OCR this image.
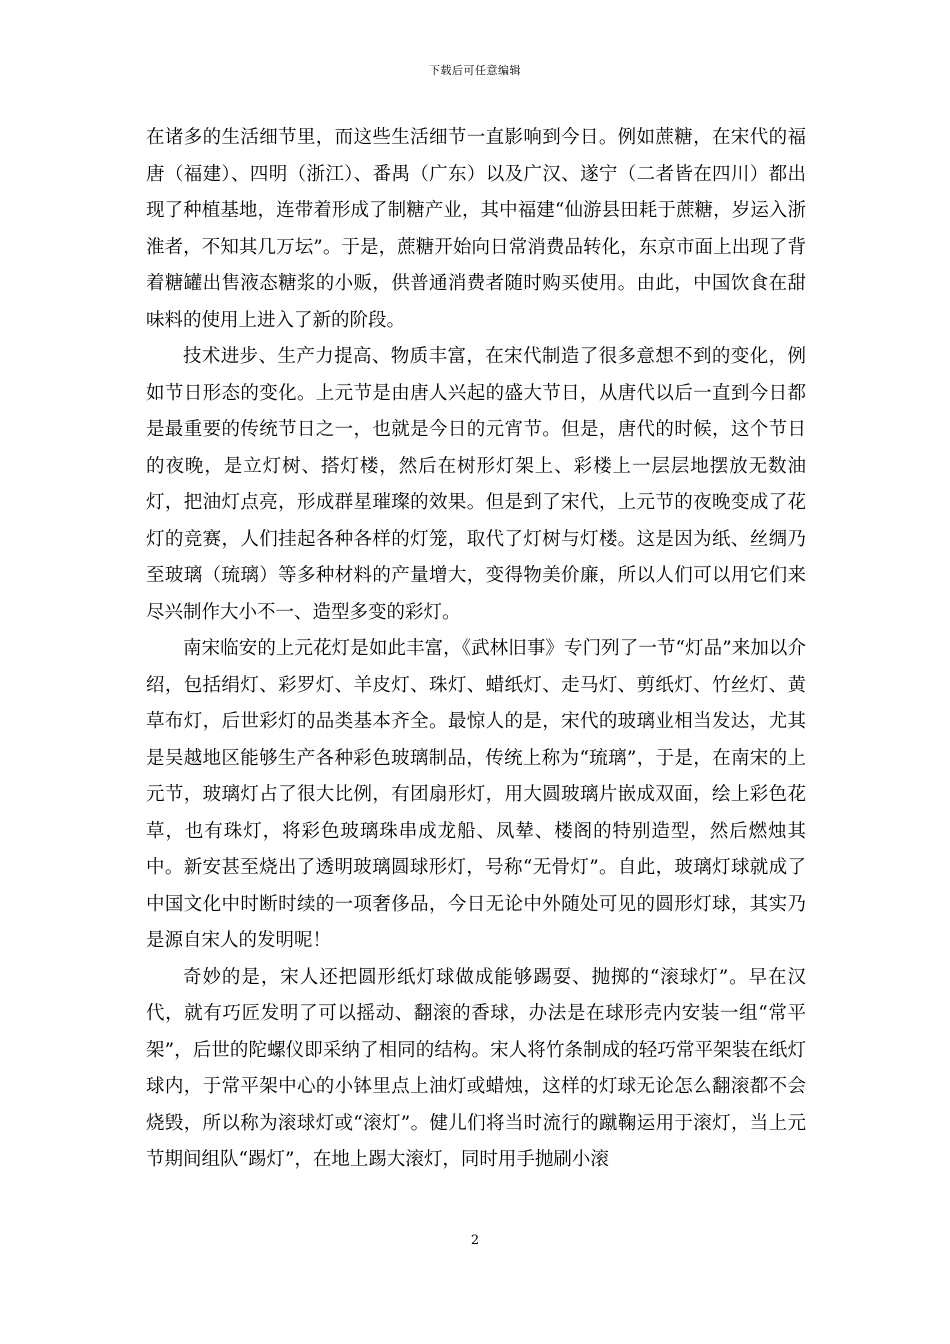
下载后可任意编辑

在诸多的生活细节里，而这些生活细节一直影响到今日。例如蔗糖，在宋代的福唐（福建）、四明（浙江）、番禺（广东）以及广汉、遂宁（二者皆在四川）都出现了种植基地，连带着形成了制糖产业，其中福建“仙游县田耗于蔗糖，岁运入浙淮者，不知其几万坛”。于是，蔗糖开始向日常消费品转化，东京市面上出现了背着糖罐出售液态糖浆的小贩，供普通消费者随时购买使用。由此，中国饮食在甜味料的使用上进入了新的阶段。

技术进步、生产力提高、物质丰富，在宋代制造了很多意想不到的变化，例如节日形态的变化。上元节是由唐人兴起的盛大节日，从唐代以后一直到今日都是最重要的传统节日之一，也就是今日的元宵节。但是，唐代的时候，这个节日的夜晚，是立灯树、搭灯楼，然后在树形灯架上、彩楼上一层层地摆放无数油灯，把油灯点亮，形成群星璀璨的效果。但是到了宋代，上元节的夜晚变成了花灯的竞赛，人们挂起各种各样的灯笼，取代了灯树与灯楼。这是因为纸、丝绸乃至玻璃（琉璃）等多种材料的产量增大，变得物美价廉，所以人们可以用它们来尽兴制作大小不一、造型多变的彩灯。

南宋临安的上元花灯是如此丰富，《武林旧事》专门列了一节“灯品”来加以介绍，包括绢灯、彩罗灯、羊皮灯、珠灯、蜡纸灯、走马灯、剪纸灯、竹丝灯、黄草布灯，后世彩灯的品类基本齐全。最惊人的是，宋代的玻璃业相当发达，尤其是吴越地区能够生产各种彩色玻璃制品，传统上称为“琉璃”，于是，在南宋的上元节，玻璃灯占了很大比例，有团扇形灯，用大圆玻璃片嵌成双面，绘上彩色花草，也有珠灯，将彩色玻璃珠串成龙船、凤辇、楼阁的特别造型，然后燃烛其中。新安甚至烧出了透明玻璃圆球形灯，号称“无骨灯”。自此，玻璃灯球就成了中国文化中时断时续的一项奢侈品，今日无论中外随处可见的圆形灯球，其实乃是源自宋人的发明呢！

奇妙的是，宋人还把圆形纸灯球做成能够踢耍、抛掷的“滚球灯”。早在汉代，就有巧匠发明了可以摇动、翻滚的香球，办法是在球形壳内安装一组“常平架”，后世的陀螺仪即采纳了相同的结构。宋人将竹条制成的轻巧常平架装在纸灯球内，于常平架中心的小钵里点上油灯或蜡烛，这样的灯球无论怎么翻滚都不会烧毁，所以称为滚球灯或“滚灯”。健儿们将当时流行的蹴鞠运用于滚灯，当上元节期间组队“踢灯”，在地上踢大滚灯，同时用手抛刷小滚

2
